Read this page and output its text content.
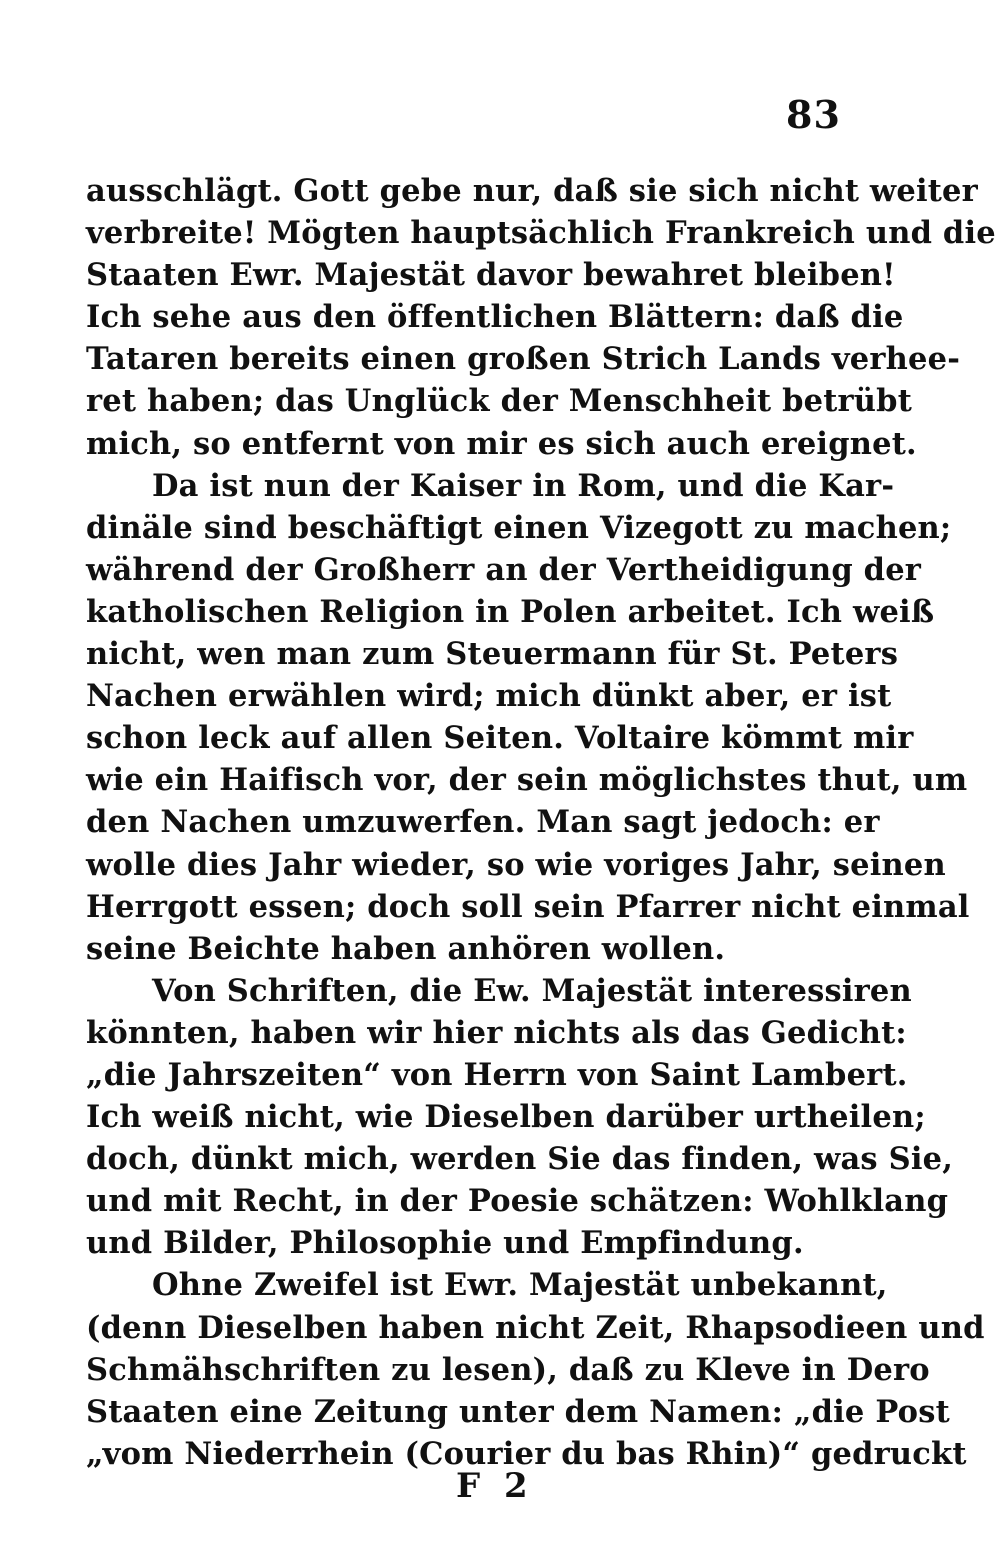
83
ausschlägt. Gott gebe nur, daß sie sich nicht weiter
verbreite! Mögten hauptsächlich Frankreich und die
Staaten Ewr. Majestät davor bewahret bleiben!
Ich sehe aus den öffentlichen Blättern: daß die
Tataren bereits einen großen Strich Lands verhee-
ret haben; das Unglück der Menschheit betrübt
mich, so entfernt von mir es sich auch ereignet.
Da ist nun der Kaiser in Rom, und die Kar-
dinäle sind beschäftigt einen Vizegott zu machen;
während der Großherr an der Vertheidigung der
katholischen Religion in Polen arbeitet. Ich weiß
nicht, wen man zum Steuermann für St. Peters
Nachen erwählen wird; mich dünkt aber, er ist
schon leck auf allen Seiten. Voltaire kömmt mir
wie ein Haifisch vor, der sein möglichstes thut, um
den Nachen umzuwerfen. Man sagt jedoch: er
wolle dies Jahr wieder, so wie voriges Jahr, seinen
Herrgott essen; doch soll sein Pfarrer nicht einmal
seine Beichte haben anhören wollen.
Von Schriften, die Ew. Majestät interessiren
könnten, haben wir hier nichts als das Gedicht:
„die Jahrszeiten“ von Herrn von Saint Lambert.
Ich weiß nicht, wie Dieselben darüber urtheilen;
doch, dünkt mich, werden Sie das finden, was Sie,
und mit Recht, in der Poesie schätzen: Wohlklang
und Bilder, Philosophie und Empfindung.
Ohne Zweifel ist Ewr. Majestät unbekannt,
(denn Dieselben haben nicht Zeit, Rhapsodieen und
Schmähschriften zu lesen), daß zu Kleve in Dero
Staaten eine Zeitung unter dem Namen: „die Post
„vom Niederrhein (Courier du bas Rhin)“ gedruckt
F 2
